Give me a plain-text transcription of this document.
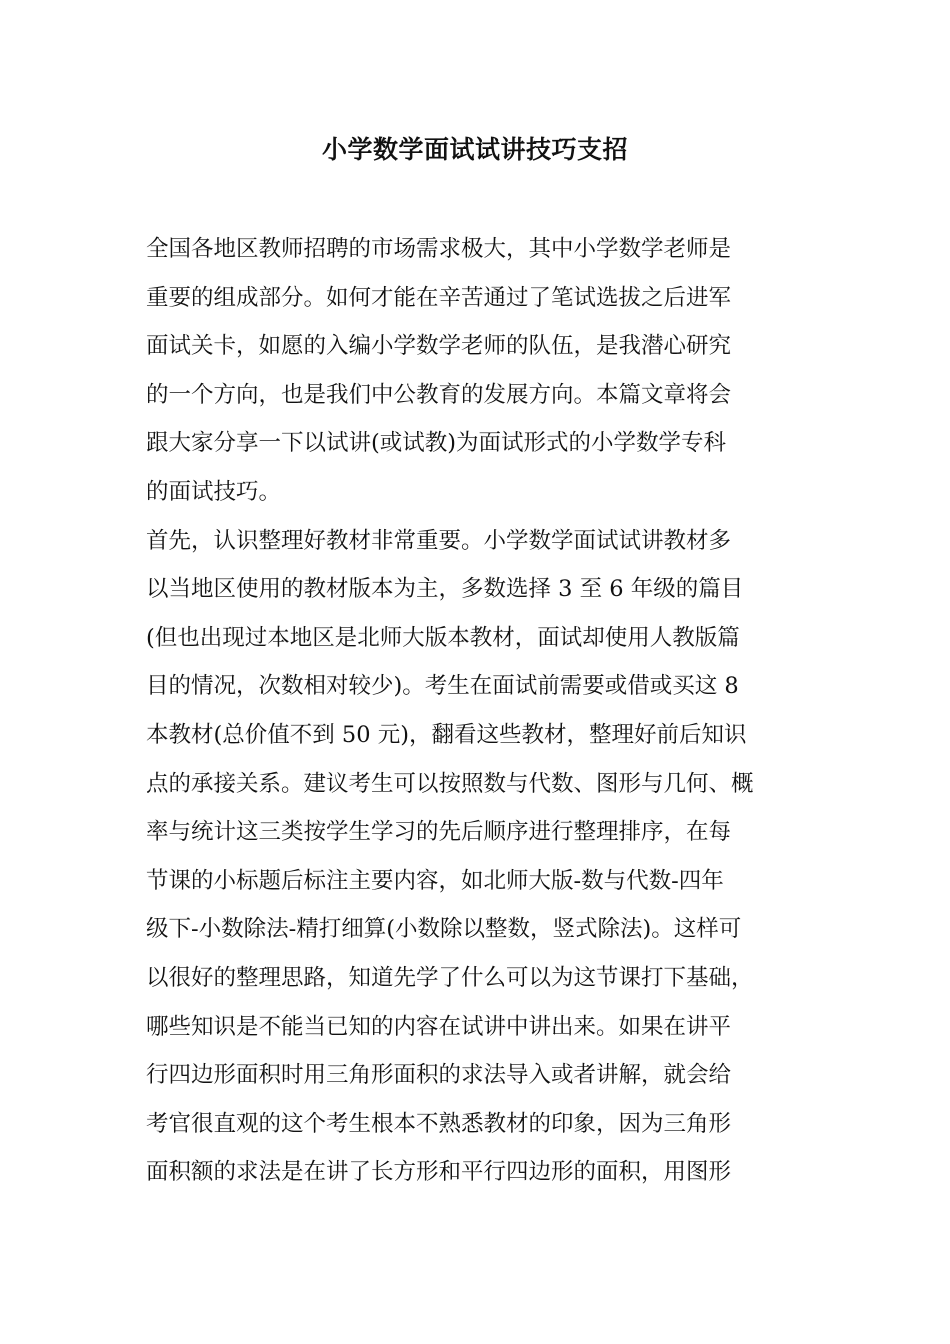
小学数学面试试讲技巧支招
全国各地区教师招聘的市场需求极大，其中小学数学老师是
重要的组成部分。如何才能在辛苦通过了笔试选拔之后进军
面试关卡，如愿的入编小学数学老师的队伍，是我潜心研究
的一个方向，也是我们中公教育的发展方向。本篇文章将会
跟大家分享一下以试讲(或试教)为面试形式的小学数学专科
的面试技巧。
首先，认识整理好教材非常重要。小学数学面试试讲教材多
以当地区使用的教材版本为主，多数选择 3 至 6 年级的篇目
(但也出现过本地区是北师大版本教材，面试却使用人教版篇
目的情况，次数相对较少)。考生在面试前需要或借或买这 8
本教材(总价值不到 50 元)，翻看这些教材，整理好前后知识
点的承接关系。建议考生可以按照数与代数、图形与几何、概
率与统计这三类按学生学习的先后顺序进行整理排序，在每
节课的小标题后标注主要内容，如北师大版-数与代数-四年
级下-小数除法-精打细算(小数除以整数，竖式除法)。这样可
以很好的整理思路，知道先学了什么可以为这节课打下基础，
哪些知识是不能当已知的内容在试讲中讲出来。如果在讲平
行四边形面积时用三角形面积的求法导入或者讲解，就会给
考官很直观的这个考生根本不熟悉教材的印象，因为三角形
面积额的求法是在讲了长方形和平行四边形的面积，用图形
